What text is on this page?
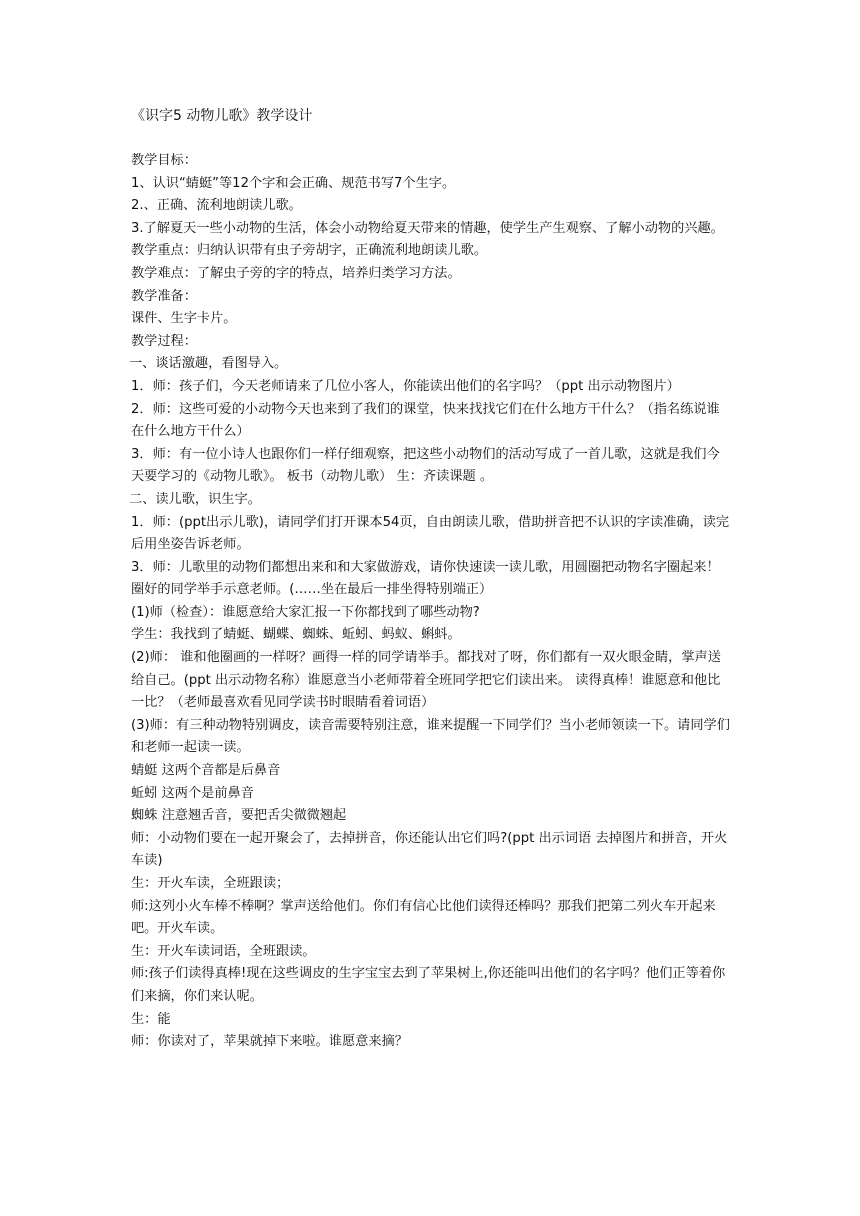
《识字5 动物儿歌》教学设计

教学目标：

1、认识“蜻蜓”等12个字和会正确、规范书写7个生字。

2.、正确、流利地朗读儿歌。

3.了解夏天一些小动物的生活，体会小动物给夏天带来的情趣，使学生产生观察、了解小动物的兴趣。

教学重点：归纳认识带有虫子旁胡字，正确流利地朗读儿歌。

教学难点：了解虫子旁的字的特点，培养归类学习方法。

教学准备：

课件、生字卡片。

教学过程：

一、谈话激趣，看图导入。

1．师：孩子们，今天老师请来了几位小客人，你能读出他们的名字吗？（ppt 出示动物图片）

2．师：这些可爱的小动物今天也来到了我们的课堂，快来找找它们在什么地方干什么？（指名练说谁在什么地方干什么）

3．师：有一位小诗人也跟你们一样仔细观察，把这些小动物们的活动写成了一首儿歌，这就是我们今天要学习的《动物儿歌》。 板书（动物儿歌） 生：齐读课题 。

二、读儿歌，识生字。

1．师：(ppt出示儿歌)，请同学们打开课本54页，自由朗读儿歌，借助拼音把不认识的字读准确，读完后用坐姿告诉老师。

3．师：儿歌里的动物们都想出来和和大家做游戏，请你快速读一读儿歌，用圆圈把动物名字圈起来！圈好的同学举手示意老师。(……坐在最后一排坐得特别端正）

(1)师（检查）：谁愿意给大家汇报一下你都找到了哪些动物?

学生：我找到了蜻蜓、蝴蝶、蜘蛛、蚯蚓、蚂蚁、蝌蚪。

(2)师： 谁和他圈画的一样呀？画得一样的同学请举手。都找对了呀，你们都有一双火眼金睛，掌声送给自己。(ppt 出示动物名称）谁愿意当小老师带着全班同学把它们读出来。 读得真棒！谁愿意和他比一比？（老师最喜欢看见同学读书时眼睛看着词语）

(3)师：有三种动物特别调皮，读音需要特别注意，谁来提醒一下同学们？当小老师领读一下。请同学们和老师一起读一读。

蜻蜓 这两个音都是后鼻音

蚯蚓 这两个是前鼻音

蜘蛛 注意翘舌音，要把舌尖微微翘起

师：小动物们要在一起开聚会了，去掉拼音，你还能认出它们吗?(ppt 出示词语 去掉图片和拼音，开火车读)

生：开火车读，全班跟读；

师:这列小火车棒不棒啊？掌声送给他们。你们有信心比他们读得还棒吗？那我们把第二列火车开起来吧。开火车读。

生：开火车读词语，全班跟读。

师:孩子们读得真棒!现在这些调皮的生字宝宝去到了苹果树上,你还能叫出他们的名字吗？他们正等着你们来摘，你们来认呢。

生：能

师：你读对了，苹果就掉下来啦。谁愿意来摘？
